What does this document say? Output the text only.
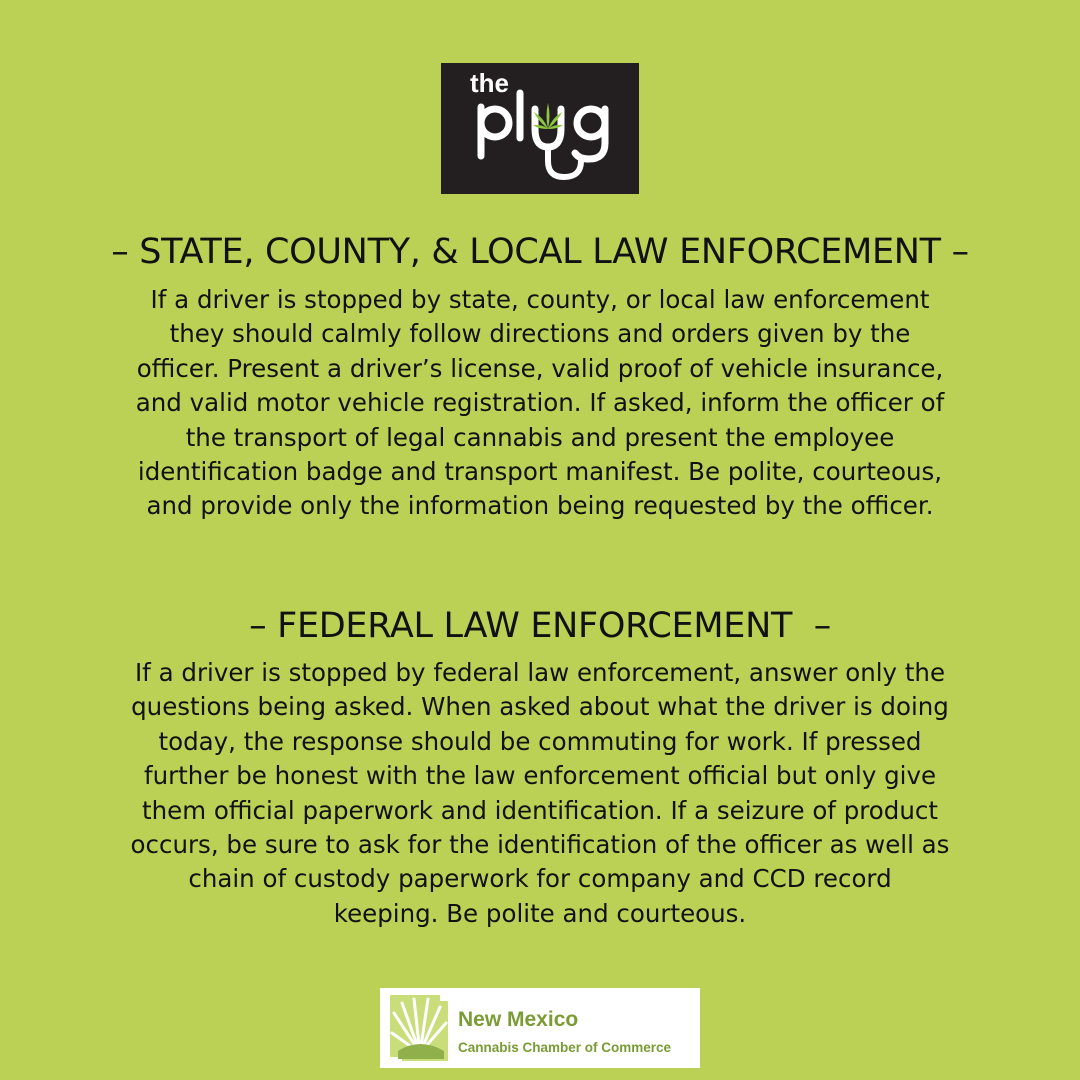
the
– STATE, COUNTY, & LOCAL LAW ENFORCEMENT –
If a driver is stopped by state, county, or local law enforcement
they should calmly follow directions and orders given by the
officer. Present a driver’s license, valid proof of vehicle insurance,
and valid motor vehicle registration. If asked, inform the officer of
the transport of legal cannabis and present the employee
identification badge and transport manifest. Be polite, courteous,
and provide only the information being requested by the officer.
– FEDERAL LAW ENFORCEMENT  –
If a driver is stopped by federal law enforcement, answer only the
questions being asked. When asked about what the driver is doing
today, the response should be commuting for work. If pressed
further be honest with the law enforcement official but only give
them official paperwork and identification. If a seizure of product
occurs, be sure to ask for the identification of the officer as well as
chain of custody paperwork for company and CCD record
keeping. Be polite and courteous.
New Mexico
Cannabis Chamber of Commerce
